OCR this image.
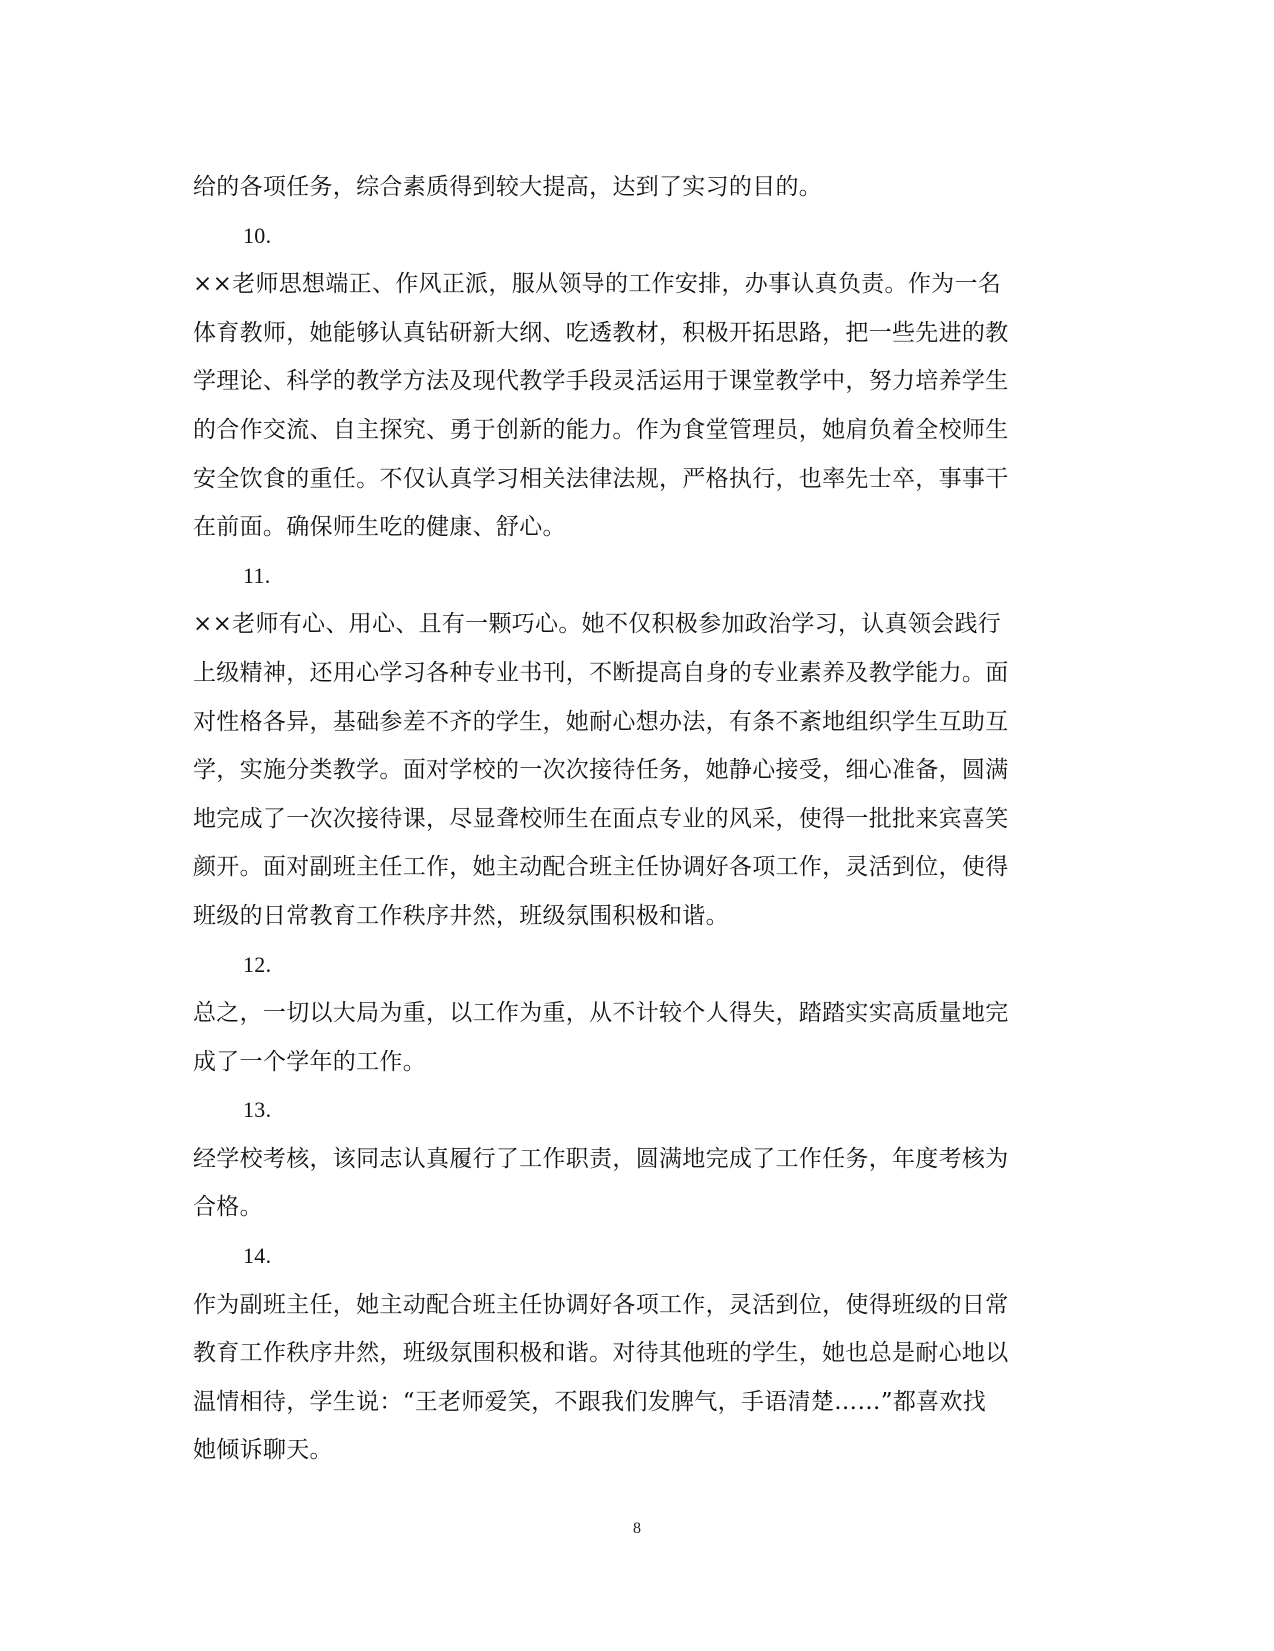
给的各项任务，综合素质得到较大提高，达到了实习的目的。
10.
××老师思想端正、作风正派，服从领导的工作安排，办事认真负责。作为一名
体育教师，她能够认真钻研新大纲、吃透教材，积极开拓思路，把一些先进的教
学理论、科学的教学方法及现代教学手段灵活运用于课堂教学中，努力培养学生
的合作交流、自主探究、勇于创新的能力。作为食堂管理员，她肩负着全校师生
安全饮食的重任。不仅认真学习相关法律法规，严格执行，也率先士卒，事事干
在前面。确保师生吃的健康、舒心。
11.
××老师有心、用心、且有一颗巧心。她不仅积极参加政治学习，认真领会践行
上级精神，还用心学习各种专业书刊，不断提高自身的专业素养及教学能力。面
对性格各异，基础参差不齐的学生，她耐心想办法，有条不紊地组织学生互助互
学，实施分类教学。面对学校的一次次接待任务，她静心接受，细心准备，圆满
地完成了一次次接待课，尽显聋校师生在面点专业的风采，使得一批批来宾喜笑
颜开。面对副班主任工作，她主动配合班主任协调好各项工作，灵活到位，使得
班级的日常教育工作秩序井然，班级氛围积极和谐。
12.
总之，一切以大局为重，以工作为重，从不计较个人得失，踏踏实实高质量地完
成了一个学年的工作。
13.
经学校考核，该同志认真履行了工作职责，圆满地完成了工作任务，年度考核为
合格。
14.
作为副班主任，她主动配合班主任协调好各项工作，灵活到位，使得班级的日常
教育工作秩序井然，班级氛围积极和谐。对待其他班的学生，她也总是耐心地以
温情相待，学生说：“王老师爱笑，不跟我们发脾气，手语清楚……”都喜欢找
她倾诉聊天。
8
